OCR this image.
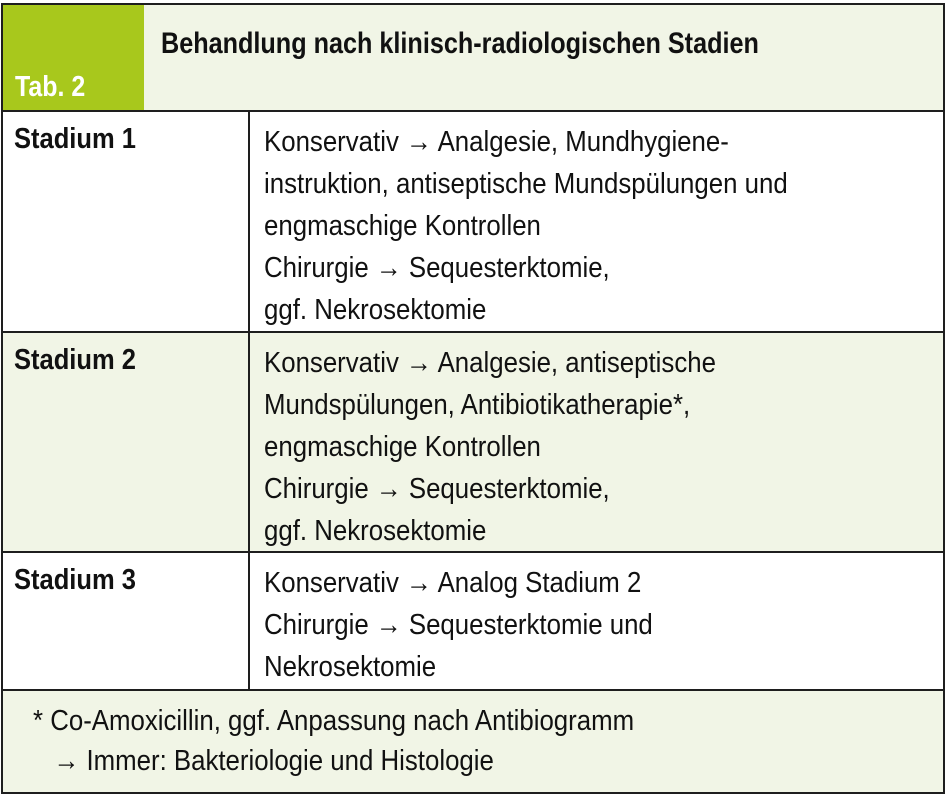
Tab. 2
Behandlung nach klinisch-radiologischen Stadien
Stadium 1	Konservativ → Analgesie, Mundhygiene-
instruktion, antiseptische Mundspülungen und
engmaschige Kontrollen
Chirurgie → Sequesterktomie,
ggf. Nekrosektomie
Stadium 2	Konservativ → Analgesie, antiseptische
Mundspülungen, Antibiotikatherapie*,
engmaschige Kontrollen
Chirurgie → Sequesterktomie,
ggf. Nekrosektomie
Stadium 3	Konservativ → Analog Stadium 2
Chirurgie → Sequesterktomie und
Nekrosektomie
* Co-Amoxicillin, ggf. Anpassung nach Antibiogramm
→ Immer: Bakteriologie und Histologie
